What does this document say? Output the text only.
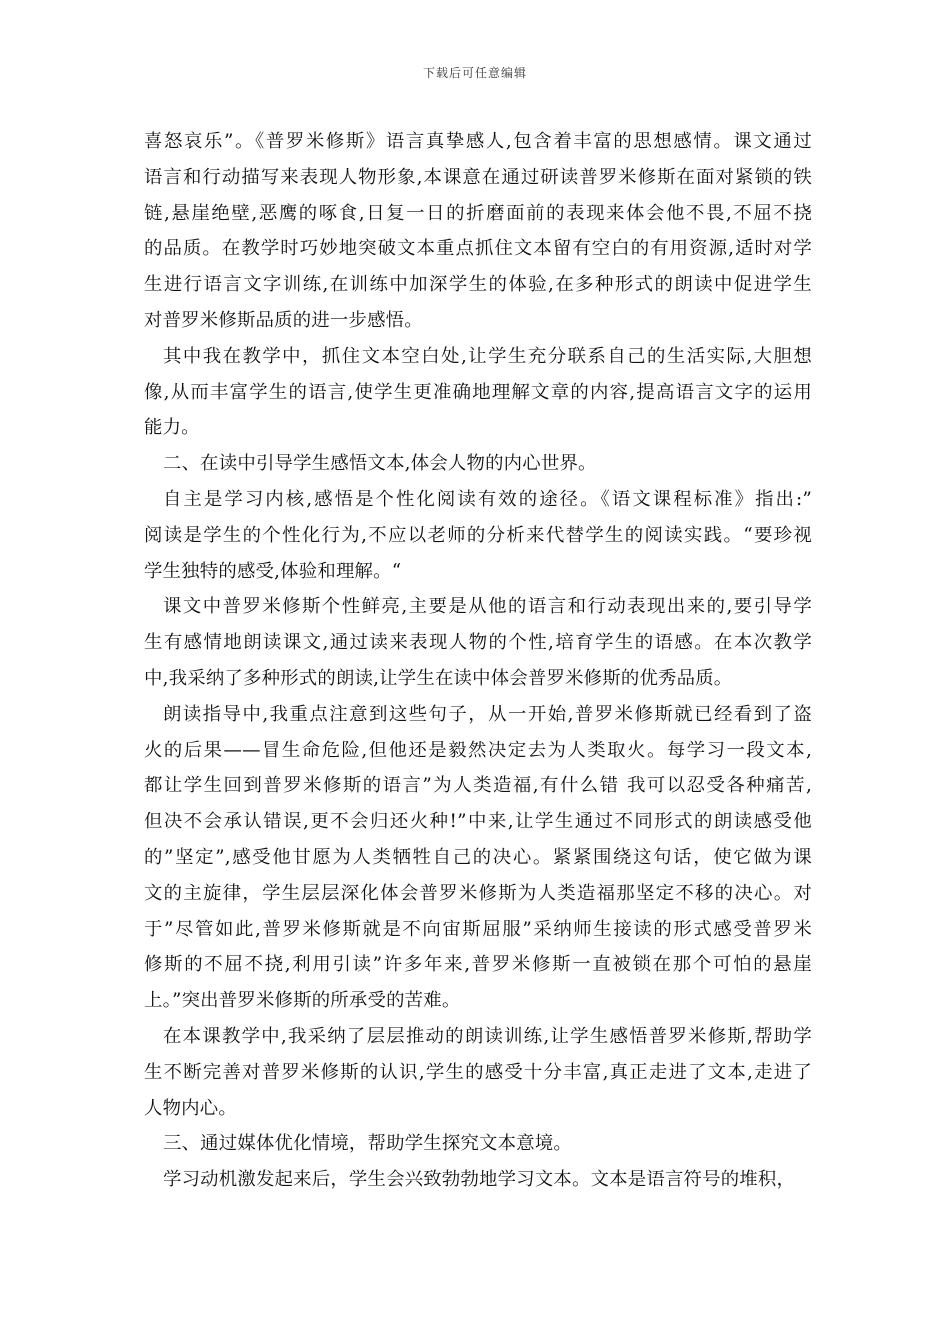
下载后可任意编辑
喜怒哀乐”。《普罗米修斯》语言真挚感人,包含着丰富的思想感情。课文通过
语言和行动描写来表现人物形象,本课意在通过研读普罗米修斯在面对紧锁的铁
链,悬崖绝壁,恶鹰的啄食,日复一日的折磨面前的表现来体会他不畏,不屈不挠
的品质。在教学时巧妙地突破文本重点抓住文本留有空白的有用资源,适时对学
生进行语言文字训练,在训练中加深学生的体验,在多种形式的朗读中促进学生
对普罗米修斯品质的进一步感悟。
其中我在教学中，抓住文本空白处,让学生充分联系自己的生活实际,大胆想
像,从而丰富学生的语言,使学生更准确地理解文章的内容,提高语言文字的运用
能力。
二、在读中引导学生感悟文本,体会人物的内心世界。
自主是学习内核,感悟是个性化阅读有效的途径。《语文课程标准》指出:”
阅读是学生的个性化行为,不应以老师的分析来代替学生的阅读实践。“要珍视
学生独特的感受,体验和理解。“
课文中普罗米修斯个性鲜亮,主要是从他的语言和行动表现出来的,要引导学
生有感情地朗读课文,通过读来表现人物的个性,培育学生的语感。在本次教学
中,我采纳了多种形式的朗读,让学生在读中体会普罗米修斯的优秀品质。
朗读指导中,我重点注意到这些句子，从一开始,普罗米修斯就已经看到了盗
火的后果——冒生命危险,但他还是毅然决定去为人类取火。每学习一段文本,
都让学生回到普罗米修斯的语言”为人类造福,有什么错 我可以忍受各种痛苦,
但决不会承认错误,更不会归还火种!”中来,让学生通过不同形式的朗读感受他
的”坚定”,感受他甘愿为人类牺牲自己的决心。紧紧围绕这句话，使它做为课
文的主旋律，学生层层深化体会普罗米修斯为人类造福那坚定不移的决心。对
于”尽管如此,普罗米修斯就是不向宙斯屈服”采纳师生接读的形式感受普罗米
修斯的不屈不挠,利用引读”许多年来,普罗米修斯一直被锁在那个可怕的悬崖
上。”突出普罗米修斯的所承受的苦难。
在本课教学中,我采纳了层层推动的朗读训练,让学生感悟普罗米修斯,帮助学
生不断完善对普罗米修斯的认识,学生的感受十分丰富,真正走进了文本,走进了
人物内心。
三、通过媒体优化情境，帮助学生探究文本意境。
学习动机激发起来后，学生会兴致勃勃地学习文本。文本是语言符号的堆积，
